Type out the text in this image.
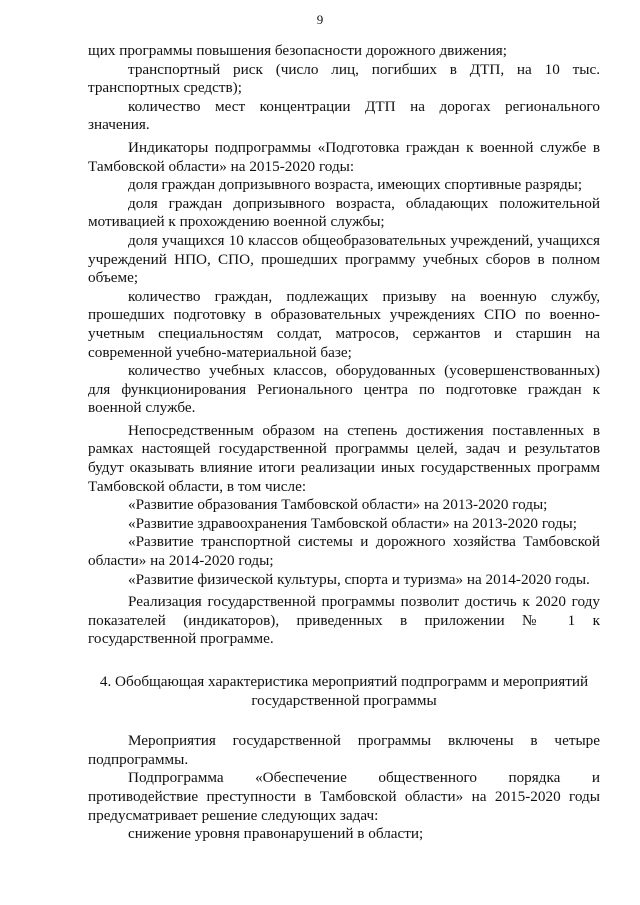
9

щих программы повышения безопасности дорожного движения;

транспортный риск (число лиц, погибших в ДТП, на 10 тыс. транспортных средств);

количество мест концентрации ДТП на дорогах регионального значения.

Индикаторы подпрограммы «Подготовка граждан к военной службе в Тамбовской области» на 2015-2020 годы:

доля граждан допризывного возраста, имеющих спортивные разряды;

доля граждан допризывного возраста, обладающих положительной мотивацией к прохождению военной службы;

доля учащихся 10 классов общеобразовательных учреждений, учащихся учреждений НПО, СПО, прошедших программу учебных сборов в полном объеме;

количество граждан, подлежащих призыву на военную службу, прошедших подготовку в образовательных учреждениях СПО по военно-учетным специальностям солдат, матросов, сержантов и старшин на современной учебно-материальной базе;

количество учебных классов, оборудованных (усовершенствованных) для функционирования Регионального центра по подготовке граждан к военной службе.

Непосредственным образом на степень достижения поставленных в рамках настоящей государственной программы целей, задач и результатов будут оказывать влияние итоги реализации иных государственных программ Тамбовской области, в том числе:

«Развитие образования Тамбовской области» на 2013-2020 годы;

«Развитие здравоохранения Тамбовской области» на 2013-2020 годы;

«Развитие транспортной системы и дорожного хозяйства Тамбовской области» на 2014-2020 годы;

«Развитие физической культуры, спорта и туризма» на 2014-2020 годы.

Реализация государственной программы позволит достичь к 2020 году показателей (индикаторов), приведенных в приложении № 1 к государственной программе.

4. Обобщающая характеристика мероприятий подпрограмм и мероприятий государственной программы

Мероприятия государственной программы включены в четыре подпрограммы.

Подпрограмма «Обеспечение общественного порядка и противодействие преступности в Тамбовской области» на 2015-2020 годы предусматривает решение следующих задач:

снижение уровня правонарушений в области;
